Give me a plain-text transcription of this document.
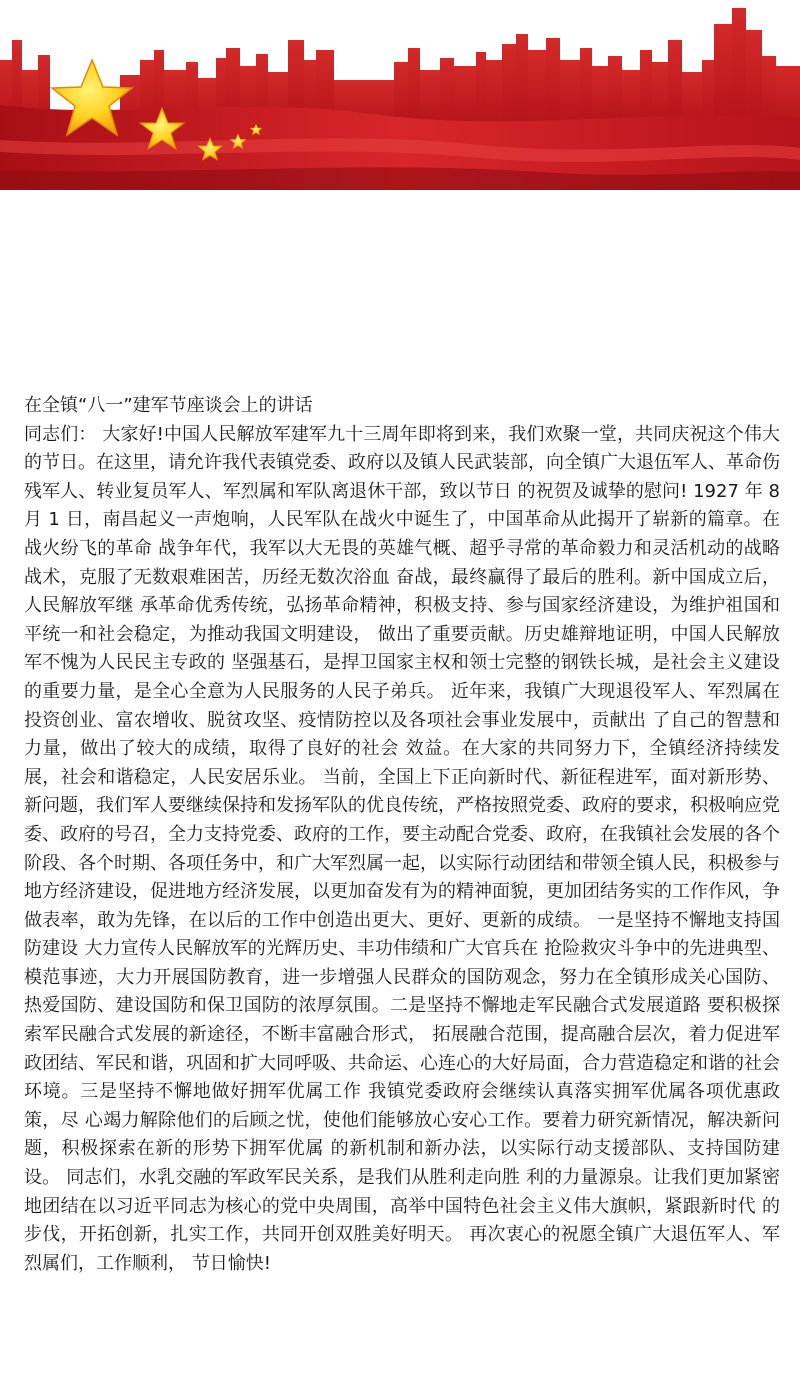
在全镇“八一”建军节座谈会上的讲话

同志们： 大家好!中国人民解放军建军九十三周年即将到来，我们欢聚一堂，共同庆祝这个伟大的节日。在这里，请允许我代表镇党委、政府以及镇人民武装部，向全镇广大退伍军人、革命伤残军人、转业复员军人、军烈属和军队离退休干部，致以节日 的祝贺及诚挚的慰问! 1927 年 8 月 1 日，南昌起义一声炮响，人民军队在战火中诞生了，中国革命从此揭开了崭新的篇章。在战火纷飞的革命 战争年代，我军以大无畏的英雄气概、超乎寻常的革命毅力和灵活机动的战略战术，克服了无数艰难困苦，历经无数次浴血 奋战，最终赢得了最后的胜利。新中国成立后，人民解放军继 承革命优秀传统，弘扬革命精神，积极支持、参与国家经济建设，为维护祖国和平统一和社会稳定，为推动我国文明建设， 做出了重要贡献。历史雄辩地证明，中国人民解放军不愧为人民民主专政的 坚强基石，是捍卫国家主权和领士完整的钢铁长城，是社会主义建设的重要力量，是全心全意为人民服务的人民子弟兵。 近年来，我镇广大现退役军人、军烈属在投资创业、富农增收、脱贫攻坚、疫情防控以及各项社会事业发展中，贡献出 了自己的智慧和力量，做出了较大的成绩，取得了良好的社会 效益。在大家的共同努力下，全镇经济持续发展，社会和谐稳定，人民安居乐业。 当前，全国上下正向新时代、新征程进军，面对新形势、新问题，我们军人要继续保持和发扬军队的优良传统，严格按照党委、政府的要求，积极响应党委、政府的号召，全力支持党委、政府的工作，要主动配合党委、政府，在我镇社会发展的各个阶段、各个时期、各项任务中，和广大军烈属一起，以实际行动团结和带领全镇人民，积极参与地方经济建设，促进地方经济发展，以更加奋发有为的精神面貌，更加团结务实的工作作风，争做表率，敢为先锋，在以后的工作中创造出更大、更好、更新的成绩。 一是坚持不懈地支持国防建设 大力宣传人民解放军的光辉历史、丰功伟绩和广大官兵在 抢险救灾斗争中的先进典型、模范事迹，大力开展国防教育，进一步增强人民群众的国防观念，努力在全镇形成关心国防、 热爱国防、建设国防和保卫国防的浓厚氛围。二是坚持不懈地走军民融合式发展道路 要积极探索军民融合式发展的新途径，不断丰富融合形式， 拓展融合范围，提高融合层次，着力促进军政团结、军民和谐，巩固和扩大同呼吸、共命运、心连心的大好局面，合力营造稳定和谐的社会环境。三是坚持不懈地做好拥军优属工作 我镇党委政府会继续认真落实拥军优属各项优惠政策，尽 心竭力解除他们的后顾之忧，使他们能够放心安心工作。要着力研究新情况，解决新问题，积极探索在新的形势下拥军优属 的新机制和新办法，以实际行动支援部队、支持国防建设。 同志们，水乳交融的军政军民关系，是我们从胜利走向胜 利的力量源泉。让我们更加紧密地团结在以习近平同志为核心的党中央周围，高举中国特色社会主义伟大旗帜，紧跟新时代 的步伐，开拓创新，扎实工作，共同开创双胜美好明天。 再次衷心的祝愿全镇广大退伍军人、军烈属们，工作顺利， 节日愉快!
